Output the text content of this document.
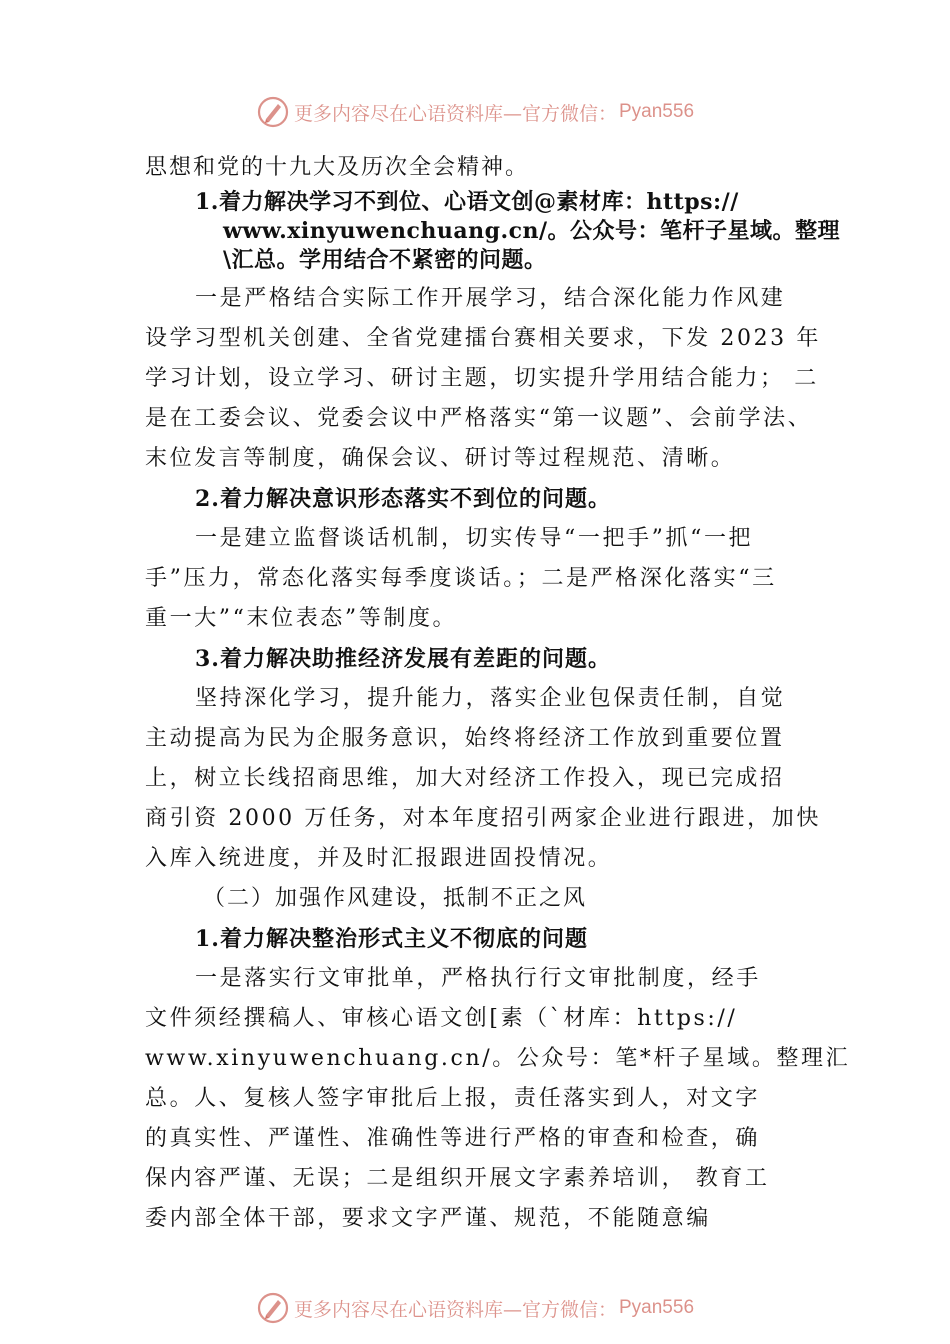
更多内容尽在心语资料库—官方微信： Pyan556
思想和党的十九大及历次全会精神。
1.着力解决学习不到位、心语文创@素材库：https://
www.xinyuwenchuang.cn/。公众号：笔杆子星域。整理
\汇总。学用结合不紧密的问题。
一是严格结合实际工作开展学习，结合深化能力作风建
设学习型机关创建、全省党建擂台赛相关要求，下发 2023 年
学习计划，设立学习、研讨主题，切实提升学用结合能力； 二
是在工委会议、党委会议中严格落实“第一议题”、会前学法、
末位发言等制度，确保会议、研讨等过程规范、清晰。
2.着力解决意识形态落实不到位的问题。
一是建立监督谈话机制，切实传导“一把手”抓“一把
手”压力，常态化落实每季度谈话。；二是严格深化落实“三
重一大”“末位表态”等制度。
3.着力解决助推经济发展有差距的问题。
坚持深化学习，提升能力，落实企业包保责任制，自觉
主动提高为民为企服务意识，始终将经济工作放到重要位置
上，树立长线招商思维，加大对经济工作投入，现已完成招
商引资 2000 万任务，对本年度招引两家企业进行跟进，加快
入库入统进度，并及时汇报跟进固投情况。
（二）加强作风建设，抵制不正之风
1.着力解决整治形式主义不彻底的问题
一是落实行文审批单，严格执行行文审批制度，经手
文件须经撰稿人、审核心语文创[素（`材库：https://
www.xinyuwenchuang.cn/。公众号：笔*杆子星域。整理汇
总。人、复核人签字审批后上报，责任落实到人，对文字
的真实性、严谨性、准确性等进行严格的审查和检查，确
保内容严谨、无误；二是组织开展文字素养培训， 教育工
委内部全体干部，要求文字严谨、规范，不能随意编
更多内容尽在心语资料库—官方微信： Pyan556
